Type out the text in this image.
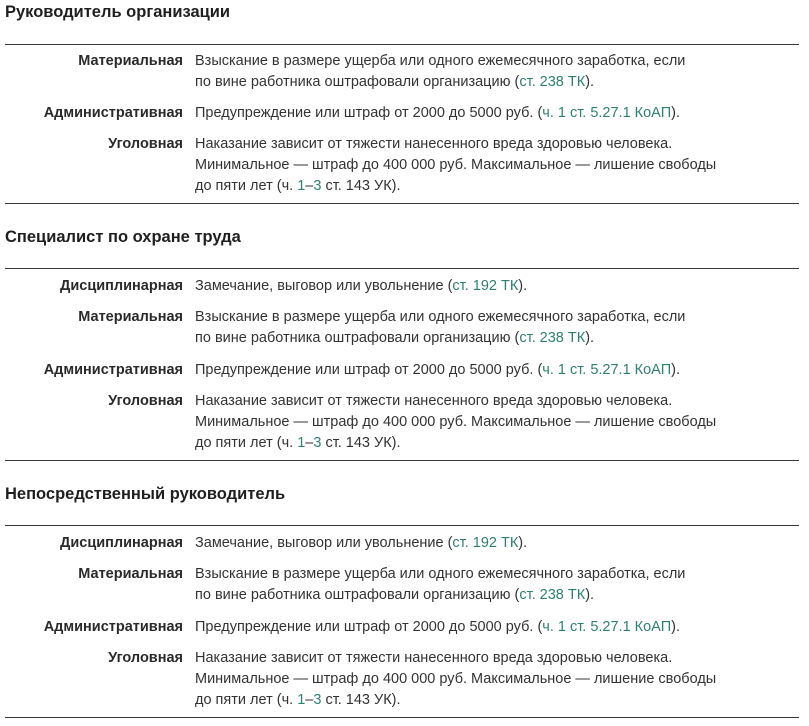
Руководитель организации
Материальная Взыскание в размере ущерба или одного ежемесячного заработка, если
по вине работника оштрафовали организацию (ст. 238 ТК).
Административная Предупреждение или штраф от 2000 до 5000 руб. (ч. 1 ст. 5.27.1 КоАП).
Уголовная Наказание зависит от тяжести нанесенного вреда здоровью человека.
Минимальное — штраф до 400 000 руб. Максимальное — лишение свободы
до пяти лет (ч. 1–3 ст. 143 УК).
Специалист по охране труда
Дисциплинарная Замечание, выговор или увольнение (ст. 192 ТК).
Материальная Взыскание в размере ущерба или одного ежемесячного заработка, если
по вине работника оштрафовали организацию (ст. 238 ТК).
Административная Предупреждение или штраф от 2000 до 5000 руб. (ч. 1 ст. 5.27.1 КоАП).
Уголовная Наказание зависит от тяжести нанесенного вреда здоровью человека.
Минимальное — штраф до 400 000 руб. Максимальное — лишение свободы
до пяти лет (ч. 1–3 ст. 143 УК).
Непосредственный руководитель
Дисциплинарная Замечание, выговор или увольнение (ст. 192 ТК).
Материальная Взыскание в размере ущерба или одного ежемесячного заработка, если
по вине работника оштрафовали организацию (ст. 238 ТК).
Административная Предупреждение или штраф от 2000 до 5000 руб. (ч. 1 ст. 5.27.1 КоАП).
Уголовная Наказание зависит от тяжести нанесенного вреда здоровью человека.
Минимальное — штраф до 400 000 руб. Максимальное — лишение свободы
до пяти лет (ч. 1–3 ст. 143 УК).
